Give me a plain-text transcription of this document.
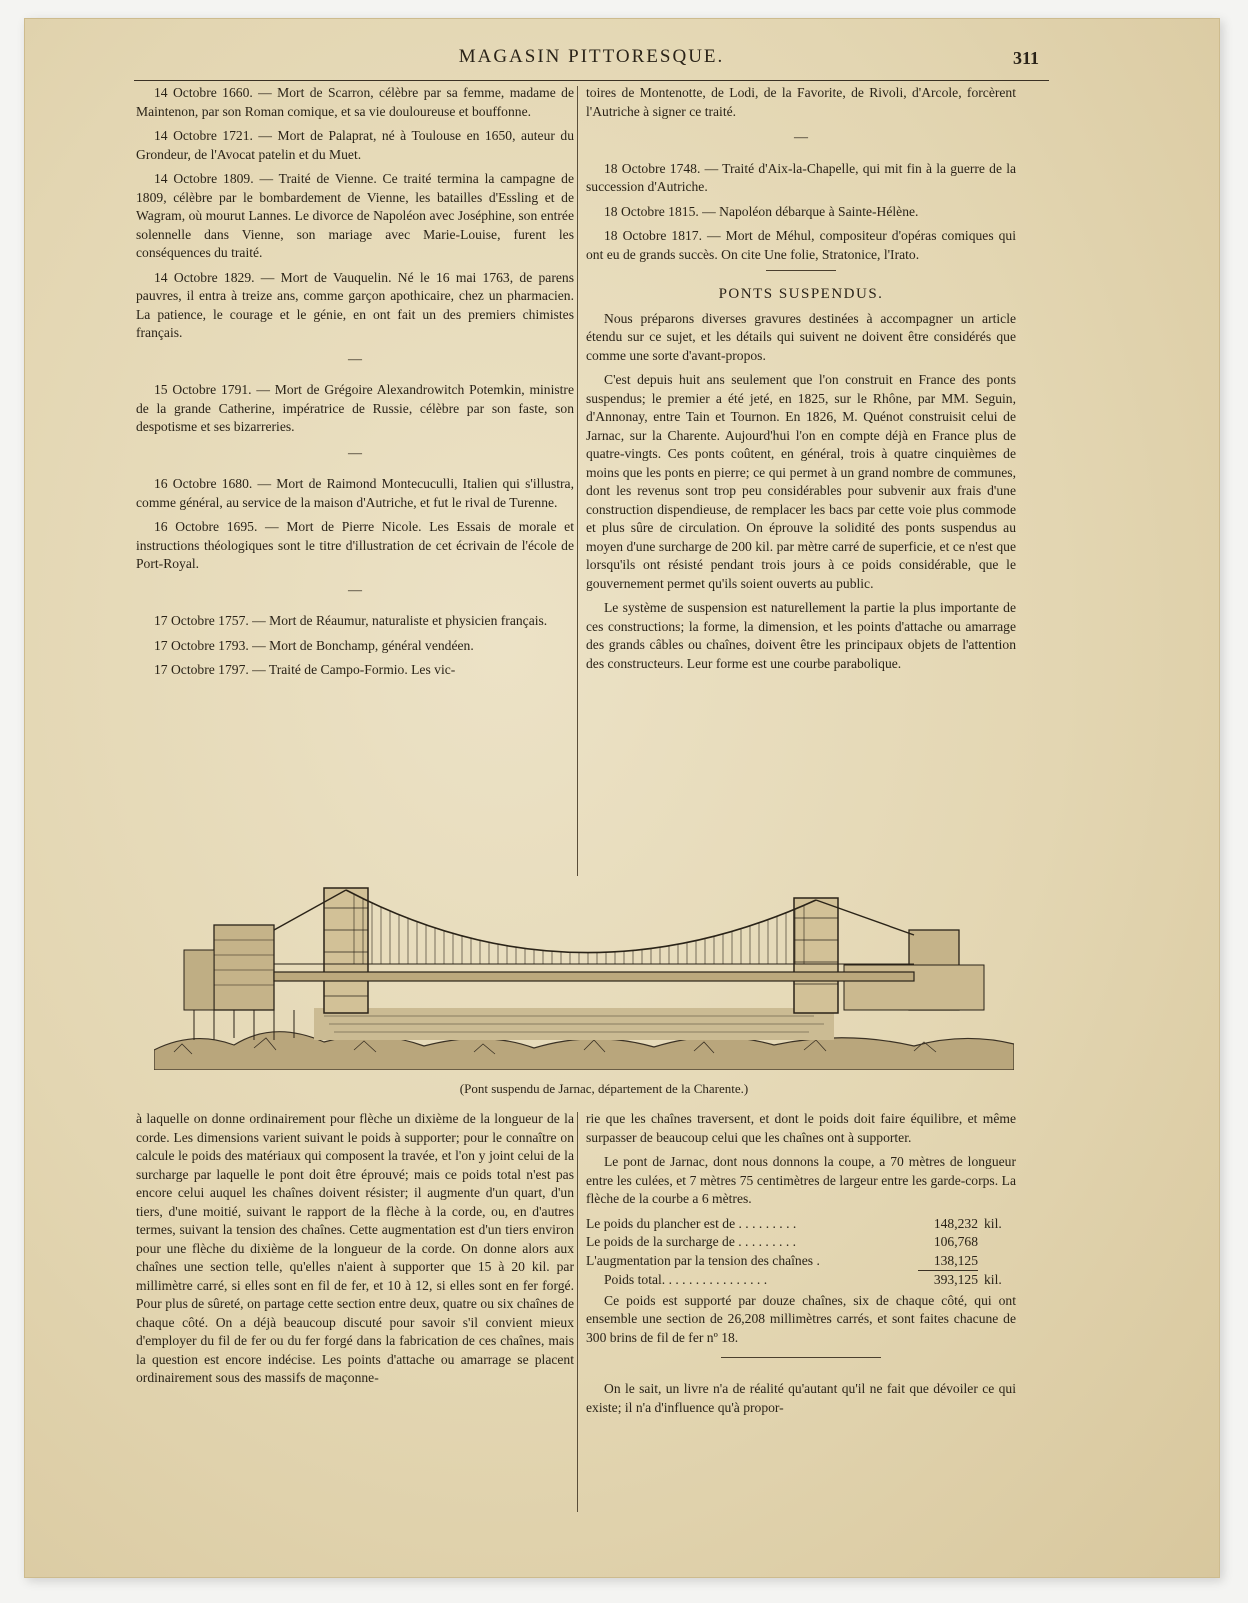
MAGASIN PITTORESQUE.	311

14 Octobre 1660. — Mort de Scarron, célèbre par sa femme, madame de Maintenon, par son Roman comique, et sa vie douloureuse et bouffonne.

14 Octobre 1721. — Mort de Palaprat, né à Toulouse en 1650, auteur du Grondeur, de l'Avocat patelin et du Muet.

14 Octobre 1809. — Traité de Vienne. Ce traité termina la campagne de 1809, célèbre par le bombardement de Vienne, les batailles d'Essling et de Wagram, où mourut Lannes. Le divorce de Napoléon avec Joséphine, son entrée solennelle dans Vienne, son mariage avec Marie-Louise, furent les conséquences du traité.

14 Octobre 1829. — Mort de Vauquelin. Né le 16 mai 1763, de parens pauvres, il entra à treize ans, comme garçon apothicaire, chez un pharmacien. La patience, le courage et le génie, en ont fait un des premiers chimistes français.

—

15 Octobre 1791. — Mort de Grégoire Alexandrowitch Potemkin, ministre de la grande Catherine, impératrice de Russie, célèbre par son faste, son despotisme et ses bizarreries.

—

16 Octobre 1680. — Mort de Raimond Montecuculli, Italien qui s'illustra, comme général, au service de la maison d'Autriche, et fut le rival de Turenne.

16 Octobre 1695. — Mort de Pierre Nicole. Les Essais de morale et instructions théologiques sont le titre d'illustration de cet écrivain de l'école de Port-Royal.

—

17 Octobre 1757. — Mort de Réaumur, naturaliste et physicien français.

17 Octobre 1793. — Mort de Bonchamp, général vendéen.

17 Octobre 1797. — Traité de Campo-Formio. Les vic-

toires de Montenotte, de Lodi, de la Favorite, de Rivoli, d'Arcole, forcèrent l'Autriche à signer ce traité.

—

18 Octobre 1748. — Traité d'Aix-la-Chapelle, qui mit fin à la guerre de la succession d'Autriche.

18 Octobre 1815. — Napoléon débarque à Sainte-Hélène.

18 Octobre 1817. — Mort de Méhul, compositeur d'opéras comiques qui ont eu de grands succès. On cite Une folie, Stratonice, l'Irato.

PONTS SUSPENDUS.

Nous préparons diverses gravures destinées à accompagner un article étendu sur ce sujet, et les détails qui suivent ne doivent être considérés que comme une sorte d'avant-propos.

C'est depuis huit ans seulement que l'on construit en France des ponts suspendus; le premier a été jeté, en 1825, sur le Rhône, par MM. Seguin, d'Annonay, entre Tain et Tournon. En 1826, M. Quénot construisit celui de Jarnac, sur la Charente. Aujourd'hui l'on en compte déjà en France plus de quatre-vingts. Ces ponts coûtent, en général, trois à quatre cinquièmes de moins que les ponts en pierre; ce qui permet à un grand nombre de communes, dont les revenus sont trop peu considérables pour subvenir aux frais d'une construction dispendieuse, de remplacer les bacs par cette voie plus commode et plus sûre de circulation. On éprouve la solidité des ponts suspendus au moyen d'une surcharge de 200 kil. par mètre carré de superficie, et ce n'est que lorsqu'ils ont résisté pendant trois jours à ce poids considérable, que le gouvernement permet qu'ils soient ouverts au public.

Le système de suspension est naturellement la partie la plus importante de ces constructions; la forme, la dimension, et les points d'attache ou amarrage des grands câbles ou chaînes, doivent être les principaux objets de l'attention des constructeurs. Leur forme est une courbe parabolique.

(Pont suspendu de Jarnac, département de la Charente.)

à laquelle on donne ordinairement pour flèche un dixième de la longueur de la corde. Les dimensions varient suivant le poids à supporter; pour le connaître on calcule le poids des matériaux qui composent la travée, et l'on y joint celui de la surcharge par laquelle le pont doit être éprouvé; mais ce poids total n'est pas encore celui auquel les chaînes doivent résister; il augmente d'un quart, d'un tiers, d'une moitié, suivant le rapport de la flèche à la corde, ou, en d'autres termes, suivant la tension des chaînes. Cette augmentation est d'un tiers environ pour une flèche du dixième de la longueur de la corde. On donne alors aux chaînes une section telle, qu'elles n'aient à supporter que 15 à 20 kil. par millimètre carré, si elles sont en fil de fer, et 10 à 12, si elles sont en fer forgé. Pour plus de sûreté, on partage cette section entre deux, quatre ou six chaînes de chaque côté. On a déjà beaucoup discuté pour savoir s'il convient mieux d'employer du fil de fer ou du fer forgé dans la fabrication de ces chaînes, mais la question est encore indécise. Les points d'attache ou amarrage se placent ordinairement sous des massifs de maçonne-

rie que les chaînes traversent, et dont le poids doit faire équilibre, et même surpasser de beaucoup celui que les chaînes ont à supporter.

Le pont de Jarnac, dont nous donnons la coupe, a 70 mètres de longueur entre les culées, et 7 mètres 75 centimètres de largeur entre les garde-corps. La flèche de la courbe a 6 mètres.

Le poids du plancher est de . . . . . . . . .	148,232	kil.
Le poids de la surcharge de . . . . . . . . .	106,768	
L'augmentation par la tension des chaînes .	138,125	
Poids total. . . . . . . . . . . . . . . .	393,125	kil.

Ce poids est supporté par douze chaînes, six de chaque côté, qui ont ensemble une section de 26,208 millimètres carrés, et sont faites chacune de 300 brins de fil de fer nº 18.

On le sait, un livre n'a de réalité qu'autant qu'il ne fait que dévoiler ce qui existe; il n'a d'influence qu'à propor-
